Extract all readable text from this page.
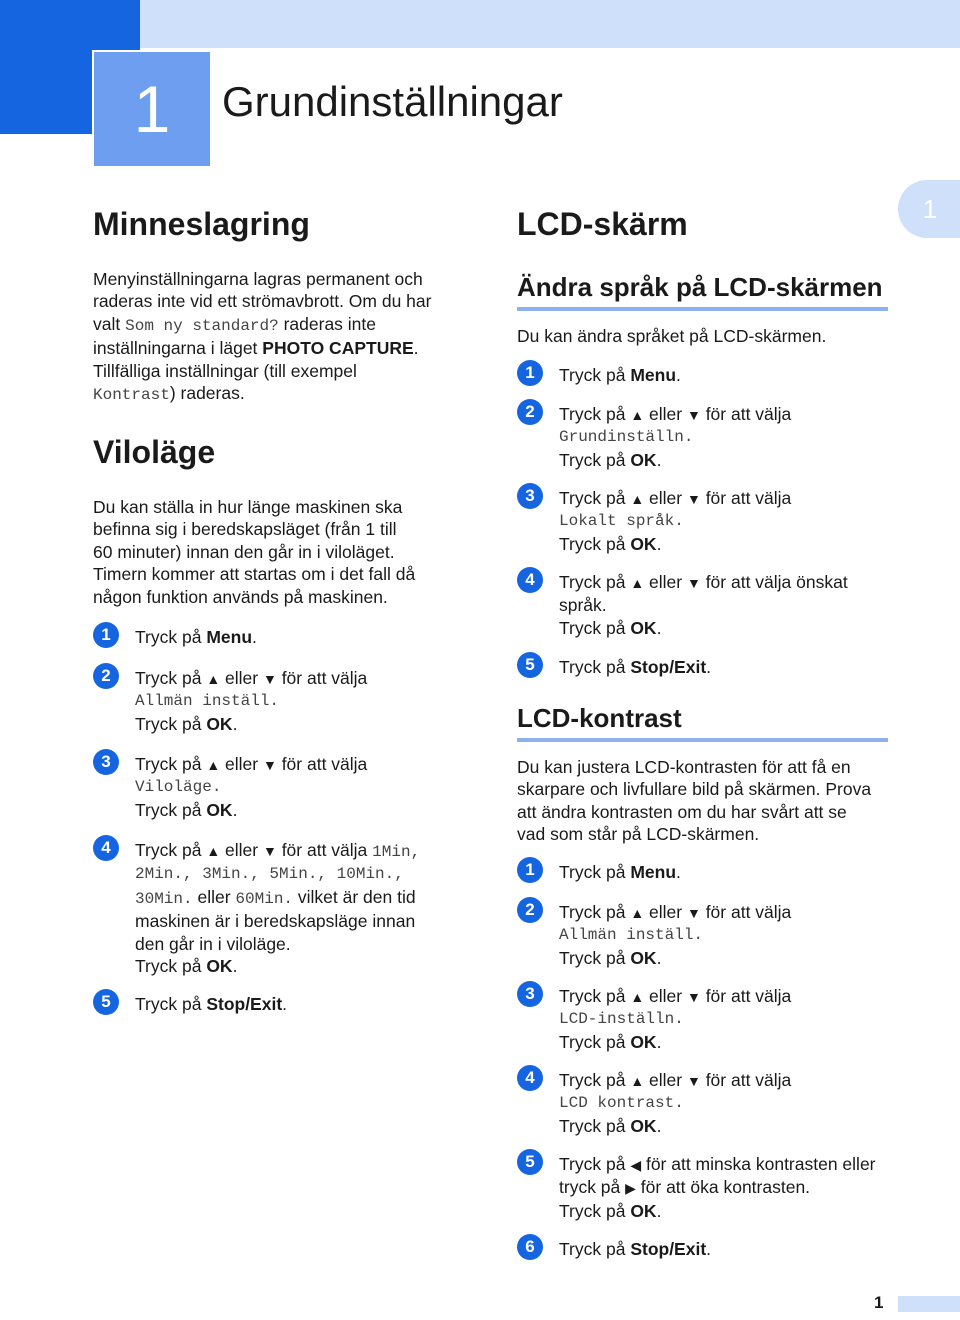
1 Grundinställningar
1
Minneslagring
Menyinställningarna lagras permanent och
raderas inte vid ett strömavbrott. Om du har
valt Som ny standard? raderas inte
inställningarna i läget PHOTO CAPTURE.
Tillfälliga inställningar (till exempel
Kontrast) raderas.
Viloläge
Du kan ställa in hur länge maskinen ska
befinna sig i beredskapsläget (från 1 till
60 minuter) innan den går in i viloläget.
Timern kommer att startas om i det fall då
någon funktion används på maskinen.
1	Tryck på Menu.
2	Tryck på ▲ eller ▼ för att välja
Allmän inställ.
Tryck på OK.
3	Tryck på ▲ eller ▼ för att välja
Viloläge.
Tryck på OK.
4	Tryck på ▲ eller ▼ för att välja 1Min,
2Min., 3Min., 5Min., 10Min.,
30Min. eller 60Min. vilket är den tid
maskinen är i beredskapsläge innan
den går in i viloläge.
Tryck på OK.
5	Tryck på Stop/Exit.
LCD-skärm
Ändra språk på LCD-skärmen
Du kan ändra språket på LCD-skärmen.
1	Tryck på Menu.
2	Tryck på ▲ eller ▼ för att välja
Grundinställn.
Tryck på OK.
3	Tryck på ▲ eller ▼ för att välja
Lokalt språk.
Tryck på OK.
4	Tryck på ▲ eller ▼ för att välja önskat
språk.
Tryck på OK.
5	Tryck på Stop/Exit.
LCD-kontrast
Du kan justera LCD-kontrasten för att få en
skarpare och livfullare bild på skärmen. Prova
att ändra kontrasten om du har svårt att se
vad som står på LCD-skärmen.
1	Tryck på Menu.
2	Tryck på ▲ eller ▼ för att välja
Allmän inställ.
Tryck på OK.
3	Tryck på ▲ eller ▼ för att välja
LCD-inställn.
Tryck på OK.
4	Tryck på ▲ eller ▼ för att välja
LCD kontrast.
Tryck på OK.
5	Tryck på ◀ för att minska kontrasten eller
tryck på ▶ för att öka kontrasten.
Tryck på OK.
6	Tryck på Stop/Exit.
1
